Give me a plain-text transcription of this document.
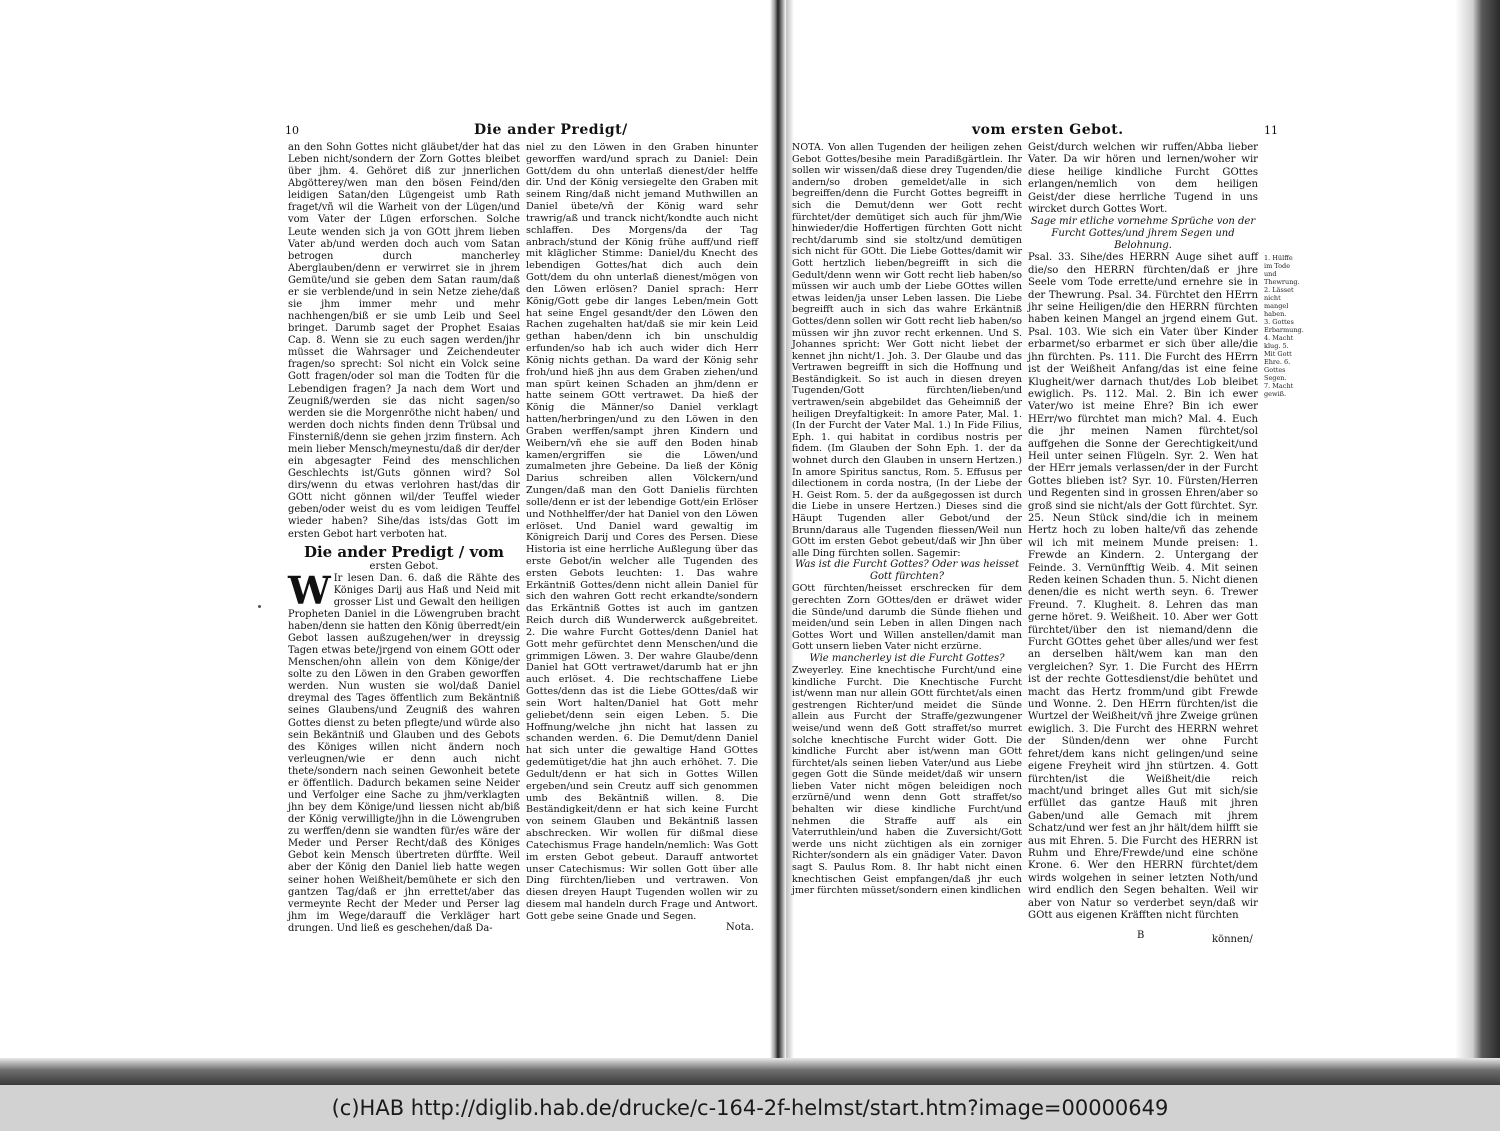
10	Die ander Predigt/

an den Sohn Gottes nicht gläubet/der hat das Leben nicht/sondern der Zorn Gottes bleibet über jhm. 4. Gehöret diß zur jnnerlichen Abgötterey/wen man den bösen Feind/den leidigen Satan/den Lügengeist umb Rath fraget/vñ wil die Warheit von der Lügen/und vom Vater der Lügen erforschen. Solche Leute wenden sich ja von GOtt jhrem lieben Vater ab/und werden doch auch vom Satan betrogen durch mancherley Aberglauben/denn er verwirret sie in jhrem Gemüte/und sie geben dem Satan raum/daß er sie verblende/und in sein Netze ziehe/daß sie jhm immer mehr und mehr nachhengen/biß er sie umb Leib und Seel bringet. Darumb saget der Prophet Esaias Cap. 8. Wenn sie zu euch sagen werden/jhr müsset die Wahrsager und Zeichendeuter fragen/so sprecht: Sol nicht ein Volck seine Gott fragen/oder sol man die Todten für die Lebendigen fragen? Ja nach dem Wort und Zeugniß/werden sie das nicht sagen/so werden sie die Morgenröthe nicht haben/ und werden doch nichts finden denn Trübsal und Finsterniß/denn sie gehen jrzim finstern. Ach mein lieber Mensch/meynestu/daß dir der/der ein abgesagter Feind des menschlichen Geschlechts ist/Guts gönnen wird? Sol dirs/wenn du etwas verlohren hast/das dir GOtt nicht gönnen wil/der Teuffel wieder geben/oder weist du es vom leidigen Teuffel wieder haben? Sihe/das ists/das Gott im ersten Gebot hart verboten hat.

Die ander Predigt / vom
ersten Gebot.

W Ir lesen Dan. 6. daß die Rähte des Königes Darij aus Haß und Neid mit grosser List und Gewalt den heiligen Propheten Daniel in die Löwengruben bracht haben/denn sie hatten den König überredt/ein Gebot lassen außzugehen/wer in dreyssig Tagen etwas bete/jrgend von einem GOtt oder Menschen/ohn allein von dem Könige/der solte zu den Löwen in den Graben geworffen werden. Nun wusten sie wol/daß Daniel dreymal des Tages öffentlich zum Bekäntniß seines Glaubens/und Zeugniß des wahren Gottes dienst zu beten pflegte/und würde also sein Bekäntniß und Glauben und des Gebots des Königes willen nicht ändern noch verleugnen/wie er denn auch nicht thete/sondern nach seinen Gewonheit betete er öffentlich. Dadurch bekamen seine Neider und Verfolger eine Sache zu jhm/verklagten jhn bey dem Könige/und liessen nicht ab/biß der König verwilligte/jhn in die Löwengruben zu werffen/denn sie wandten für/es wäre der Meder und Perser Recht/daß des Königes Gebot kein Mensch übertreten dürffte. Weil aber der König den Daniel lieb hatte wegen seiner hohen Weißheit/bemühete er sich den gantzen Tag/daß er jhn errettet/aber das vermeynte Recht der Meder und Perser lag jhm im Wege/darauff die Verkläger hart drungen. Und ließ es geschehen/daß Da-

niel zu den Löwen in den Graben hinunter geworffen ward/und sprach zu Daniel: Dein Gott/dem du ohn unterlaß dienest/der helffe dir. Und der König versiegelte den Graben mit seinem Ring/daß nicht jemand Muthwillen an Daniel übete/vñ der König ward sehr trawrig/aß und tranck nicht/kondte auch nicht schlaffen. Des Morgens/da der Tag anbrach/stund der König frühe auff/und rieff mit kläglicher Stimme: Daniel/du Knecht des lebendigen Gottes/hat dich auch dein Gott/dem du ohn unterlaß dienest/mögen von den Löwen erlösen? Daniel sprach: Herr König/Gott gebe dir langes Leben/mein Gott hat seine Engel gesandt/der den Löwen den Rachen zugehalten hat/daß sie mir kein Leid gethan haben/denn ich bin unschuldig erfunden/so hab ich auch wider dich Herr König nichts gethan. Da ward der König sehr froh/und hieß jhn aus dem Graben ziehen/und man spürt keinen Schaden an jhm/denn er hatte seinem GOtt vertrawet. Da hieß der König die Männer/so Daniel verklagt hatten/herbringen/und zu den Löwen in den Graben werffen/sampt jhren Kindern und Weibern/vñ ehe sie auff den Boden hinab kamen/ergriffen sie die Löwen/und zumalmeten jhre Gebeine. Da ließ der König Darius schreiben allen Völckern/und Zungen/daß man den Gott Danielis fürchten solle/denn er ist der lebendige Gott/ein Erlöser und Nothhelffer/der hat Daniel von den Löwen erlöset. Und Daniel ward gewaltig im Königreich Darij und Cores des Persen. Diese Historia ist eine herrliche Außlegung über das erste Gebot/in welcher alle Tugenden des ersten Gebots leuchten: 1. Das wahre Erkäntniß Gottes/denn nicht allein Daniel für sich den wahren Gott recht erkandte/sondern das Erkäntniß Gottes ist auch im gantzen Reich durch diß Wunderwerck außgebreitet. 2. Die wahre Furcht Gottes/denn Daniel hat Gott mehr gefürchtet denn Menschen/und die grimmigen Löwen. 3. Der wahre Glaube/denn Daniel hat GOtt vertrawet/darumb hat er jhn auch erlöset. 4. Die rechtschaffene Liebe Gottes/denn das ist die Liebe GOttes/daß wir sein Wort halten/Daniel hat Gott mehr geliebet/denn sein eigen Leben. 5. Die Hoffnung/welche jhn nicht hat lassen zu schanden werden. 6. Die Demut/denn Daniel hat sich unter die gewaltige Hand GOttes gedemütiget/die hat jhn auch erhöhet. 7. Die Gedult/denn er hat sich in Gottes Willen ergeben/und sein Creutz auff sich genommen umb des Bekäntniß willen. 8. Die Beständigkeit/denn er hat sich keine Furcht von seinem Glauben und Bekäntniß lassen abschrecken. Wir wollen für dißmal diese Catechismus Frage handeln/nemlich: Was Gott im ersten Gebot gebeut. Darauff antwortet unser Catechismus: Wir sollen Gott über alle Ding fürchten/lieben und vertrawen. Von diesen dreyen Haupt Tugenden wollen wir zu diesem mal handeln durch Frage und Antwort. Gott gebe seine Gnade und Segen.

Nota.
vom ersten Gebot.	11

NOTA. Von allen Tugenden der heiligen zehen Gebot Gottes/besihe mein Paradißgärtlein. Ihr sollen wir wissen/daß diese drey Tugenden/die andern/so droben gemeldet/alle in sich begreiffen/denn die Furcht Gottes begreifft in sich die Demut/denn wer Gott recht fürchtet/der demütiget sich auch für jhm/Wie hinwieder/die Hoffertigen fürchten Gott nicht recht/darumb sind sie stoltz/und demütigen sich nicht für GOtt. Die Liebe Gottes/damit wir Gott hertzlich lieben/begreifft in sich die Gedult/denn wenn wir Gott recht lieb haben/so müssen wir auch umb der Liebe GOttes willen etwas leiden/ja unser Leben lassen. Die Liebe begreifft auch in sich das wahre Erkäntniß Gottes/denn sollen wir Gott recht lieb haben/so müssen wir jhn zuvor recht erkennen. Und S. Johannes spricht: Wer Gott nicht liebet der kennet jhn nicht/1. Joh. 3. Der Glaube und das Vertrawen begreifft in sich die Hoffnung und Beständigkeit. So ist auch in diesen dreyen Tugenden/Gott fürchten/lieben/und vertrawen/sein abgebildet das Geheimniß der heiligen Dreyfaltigkeit: In amore Pater, Mal. 1. (In der Furcht der Vater Mal. 1.) In Fide Filius, Eph. 1. qui habitat in cordibus nostris per fidem. (Im Glauben der Sohn Eph. 1. der da wohnet durch den Glauben in unsern Hertzen.) In amore Spiritus sanctus, Rom. 5. Effusus per dilectionem in corda nostra, (In der Liebe der H. Geist Rom. 5. der da außgegossen ist durch die Liebe in unsere Hertzen.) Dieses sind die Häupt Tugenden aller Gebot/und der Brunn/daraus alle Tugenden fliessen/Weil nun GOtt im ersten Gebot gebeut/daß wir Jhn über alle Ding fürchten sollen. Sagemir:

Was ist die Furcht Gottes? Oder was heisset Gott fürchten?

GOtt fürchten/heisset erschrecken für dem gerechten Zorn GOttes/den er dräwet wider die Sünde/und darumb die Sünde fliehen und meiden/und sein Leben in allen Dingen nach Gottes Wort und Willen anstellen/damit man Gott unsern lieben Vater nicht erzürne.

Wie mancherley ist die Furcht Gottes?

Zweyerley. Eine knechtische Furcht/und eine kindliche Furcht. Die Knechtische Furcht ist/wenn man nur allein GOtt fürchtet/als einen gestrengen Richter/und meidet die Sünde allein aus Furcht der Straffe/gezwungener weise/und wenn deß Gott straffet/so murret solche knechtische Furcht wider Gott. Die kindliche Furcht aber ist/wenn man GOtt fürchtet/als seinen lieben Vater/und aus Liebe gegen Gott die Sünde meidet/daß wir unsern lieben Vater nicht mögen beleidigen noch erzürnë/und wenn denn Gott straffet/so behalten wir diese kindliche Furcht/und nehmen die Straffe auff als ein Vaterruthlein/und haben die Zuversicht/Gott werde uns nicht züchtigen als ein zorniger Richter/sondern als ein gnädiger Vater. Davon sagt S. Paulus Rom. 8. Ihr habt nicht einen knechtischen Geist empfangen/daß jhr euch jmer fürchten müsset/sondern einen kindlichen

Geist/durch welchen wir ruffen/Abba lieber Vater. Da wir hören und lernen/woher wir diese heilige kindliche Furcht GOttes erlangen/nemlich von dem heiligen Geist/der diese herrliche Tugend in uns wircket durch Gottes Wort.

Sage mir etliche vornehme Sprüche von der Furcht Gottes/und jhrem Segen und Belohnung.

Psal. 33. Sihe/des HERRN Auge sihet auff die/so den HERRN fürchten/daß er jhre Seele vom Tode errette/und ernehre sie in der Thewrung. Psal. 34. Fürchtet den HErrn jhr seine Heiligen/die den HERRN fürchten haben keinen Mangel an jrgend einem Gut. Psal. 103. Wie sich ein Vater über Kinder erbarmet/so erbarmet er sich über alle/die jhn fürchten. Ps. 111. Die Furcht des HErrn ist der Weißheit Anfang/das ist eine feine Klugheit/wer darnach thut/des Lob bleibet ewiglich. Ps. 112. Mal. 2. Bin ich ewer Vater/wo ist meine Ehre? Bin ich ewer HErr/wo fürchtet man mich? Mal. 4. Euch die jhr meinen Namen fürchtet/sol auffgehen die Sonne der Gerechtigkeit/und Heil unter seinen Flügeln. Syr. 2. Wen hat der HErr jemals verlassen/der in der Furcht Gottes blieben ist? Syr. 10. Fürsten/Herren und Regenten sind in grossen Ehren/aber so groß sind sie nicht/als der Gott fürchtet. Syr. 25. Neun Stück sind/die ich in meinem Hertz hoch zu loben halte/vñ das zehende wil ich mit meinem Munde preisen: 1. Frewde an Kindern. 2. Untergang der Feinde. 3. Vernünfftig Weib. 4. Mit seinen Reden keinen Schaden thun. 5. Nicht dienen denen/die es nicht werth seyn. 6. Trewer Freund. 7. Klugheit. 8. Lehren das man gerne höret. 9. Weißheit. 10. Aber wer Gott fürchtet/über den ist niemand/denn die Furcht GOttes gehet über alles/und wer fest an derselben hält/wem kan man den vergleichen? Syr. 1. Die Furcht des HErrn ist der rechte Gottesdienst/die behütet und macht das Hertz fromm/und gibt Frewde und Wonne. 2. Den HErrn fürchten/ist die Wurtzel der Weißheit/vñ jhre Zweige grünen ewiglich. 3. Die Furcht des HERRN wehret der Sünden/denn wer ohne Furcht fehret/dem kans nicht gelingen/und seine eigene Freyheit wird jhn stürtzen. 4. Gott fürchten/ist die Weißheit/die reich macht/und bringet alles Gut mit sich/sie erfüllet das gantze Hauß mit jhren Gaben/und alle Gemach mit jhrem Schatz/und wer fest an jhr hält/dem hilfft sie aus mit Ehren. 5. Die Furcht des HERRN ist Ruhm und Ehre/Frewde/und eine schöne Krone. 6. Wer den HERRN fürchtet/dem wirds wolgehen in seiner letzten Noth/und wird endlich den Segen behalten. Weil wir aber von Natur so verderbet seyn/daß wir GOtt aus eigenen Kräfften nicht fürchten

1. Hülffe im Tode und Thewrung. 2. Lässet nicht mangel haben. 3. Gottes Erbarmung. 4. Macht klug. 5. Mit Gott Ehre. 6. Gottes Segen. 7. Macht gewiß.
B	können/
(c)HAB http://diglib.hab.de/drucke/c-164-2f-helmst/start.htm?image=00000649
